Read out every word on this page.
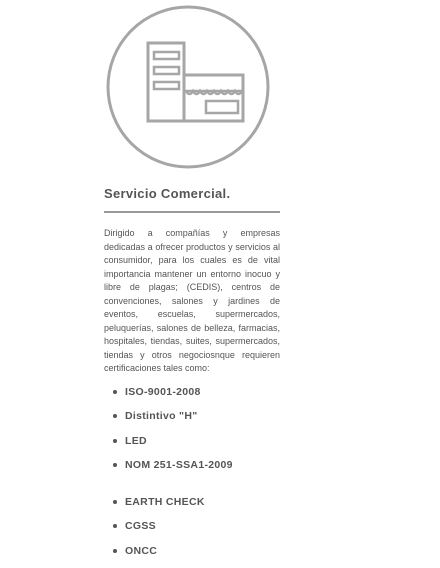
Servicio Comercial.

Dirigido a compañías y empresas dedicadas a ofrecer productos y servicios al consumidor, para los cuales es de vital importancia mantener un entorno inocuo y libre de plagas; (CEDIS), centros de convenciones, salones y jardines de eventos, escuelas, supermercados, peluquerías, salones de belleza, farmacias, hospitales, tiendas, suites, supermercados, tiendas y otros negociosnque requieren certificaciones tales como:

ISO-9001-2008
Distintivo "H"
LED
NOM 251-SSA1-2009
EARTH CHECK
CGSS
ONCC
